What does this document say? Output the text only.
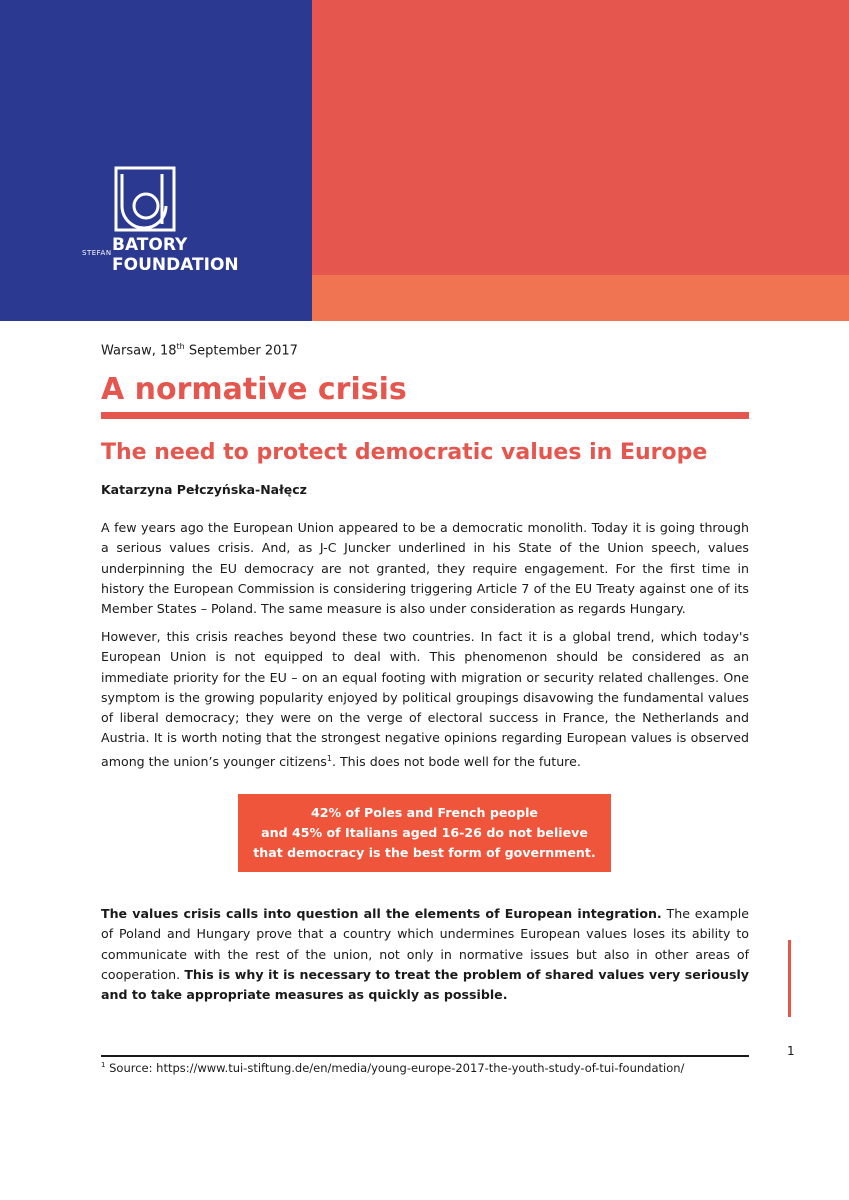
STEFAN BATORY
FOUNDATION
Warsaw, 18th September 2017
A normative crisis
The need to protect democratic values in Europe
Katarzyna Pełczyńska-Nałęcz

A few years ago the European Union appeared to be a democratic monolith. Today it is going through a serious values crisis. And, as J-C Juncker underlined in his State of the Union speech, values underpinning the EU democracy are not granted, they require engagement. For the first time in history the European Commission is considering triggering Article 7 of the EU Treaty against one of its Member States – Poland. The same measure is also under consideration as regards Hungary.

However, this crisis reaches beyond these two countries. In fact it is a global trend, which today's European Union is not equipped to deal with. This phenomenon should be considered as an immediate priority for the EU – on an equal footing with migration or security related challenges. One symptom is the growing popularity enjoyed by political groupings disavowing the fundamental values of liberal democracy; they were on the verge of electoral success in France, the Netherlands and Austria. It is worth noting that the strongest negative opinions regarding European values is observed among the union’s younger citizens$^1$. This does not bode well for the future.

42% of Poles and French people
and 45% of Italians aged 16-26 do not believe
that democracy is the best form of government.

The values crisis calls into question all the elements of European integration. The example of Poland and Hungary prove that a country which undermines European values loses its ability to communicate with the rest of the union, not only in normative issues but also in other areas of cooperation. This is why it is necessary to treat the problem of shared values very seriously and to take appropriate measures as quickly as possible.

1
$^1$ Source: https://www.tui-stiftung.de/en/media/young-europe-2017-the-youth-study-of-tui-foundation/
